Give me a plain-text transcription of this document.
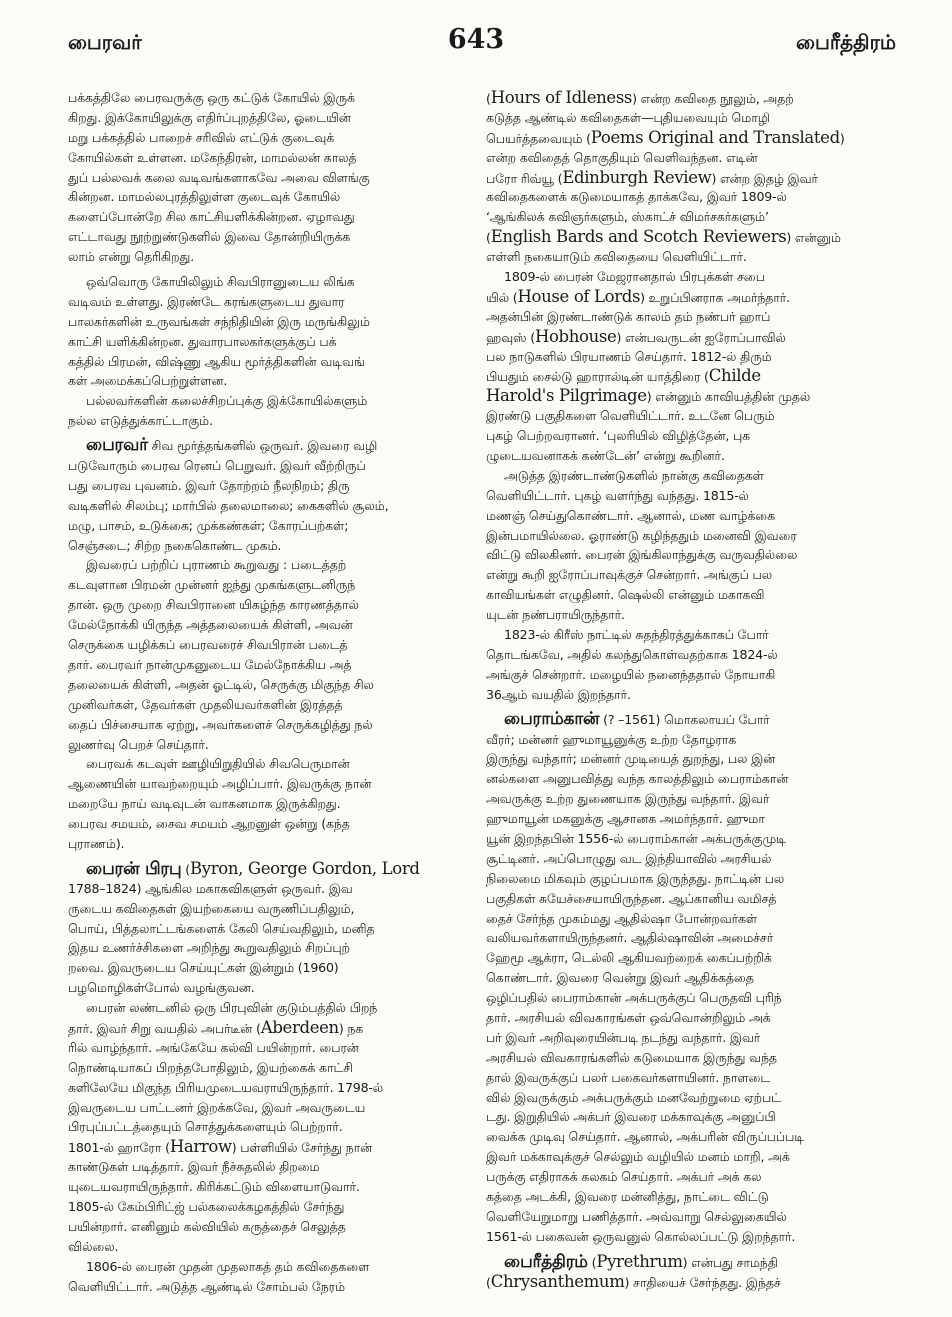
பைரவர்	643	பைரீத்திரம்
பக்கத்திலே பைரவருக்கு ஒரு கட்டுக் கோயில் இருக்
கிறது. இக்கோயிலுக்கு எதிர்ப்புறத்திலே, ஓடையின்
மறு பக்கத்தில் பாறைச் சரிவில் எட்டுக் குடைவுக்
கோயில்கள் உள்ளன. மகேந்திரன், மாமல்லன் காலத்
துப் பல்லவக் கலை வடிவங்களாகவே அவை விளங்கு
கின்றன. மாமல்லபுரத்திலுள்ள குடைவுக் கோயில்
களைப்போன்றே சில காட்சியளிக்கின்றன. ஏழாவது
எட்டாவது நூற்றுண்டுகளில் இவை தோன்றியிருக்க
லாம் என்று தெரிகிறது.
ஒவ்வொரு கோயிலிலும் சிவபிரானுடைய லிங்க
வடிவம் உள்ளது. இரண்டே கரங்களுடைய துவார
பாலகர்களின் உருவங்கள் சந்நிதியின் இரு மருங்கிலும்
காட்சி யளிக்கின்றன. துவாரபாலகர்களுக்குப் பக்
கத்தில் பிரமன், விஷ்ணு ஆகிய மூர்த்திகளின் வடிவங்
கள் அமைக்கப்பெற்றுள்ளன.
பல்லவர்களின் கலைச்சிறப்புக்கு இக்கோயில்களும்
நல்ல எடுத்துக்காட்டாகும்.
பைரவர் சிவ மூர்த்தங்களில் ஒருவர். இவரை வழி
படுவோரும் பைரவ ரெனப் பெறுவர். இவர் வீற்றிருப்
பது பைரவ புவனம். இவர் தோற்றம் நீலநிறம்; திரு
வடிகளில் சிலம்பு; மார்பில் தலைமாலை; கைகளில் சூலம்,
மழு, பாசம், உடுக்கை; முக்கண்கள்; கோரப்பற்கள்;
செஞ்சடை; சிற்ற நகைகொண்ட முகம்.
இவரைப் பற்றிப் புராணம் கூறுவது : படைத்தற்
கடவுளான பிரமன் முன்னர் ஐந்து முகங்களுடனிருந்
தான். ஒரு முறை சிவபிரானை யிகழ்ந்த காரணத்தால்
மேல்நோக்கி யிருந்த அத்தலையைக் கிள்ளி, அவன்
செருக்கை யழிக்கப் பைரவரைச் சிவபிரான் படைத்
தார். பைரவர் நான்முகனுடைய மேல்நோக்கிய அத்
தலையைக் கிள்ளி, அதன் ஓட்டில், செருக்கு மிகுந்த சில
முனிவர்கள், தேவர்கள் முதலியவர்களின் இரத்தத்
தைப் பிச்சையாக ஏற்று, அவர்களைச் செருக்கழித்து நல்
லுணர்வு பெறச் செய்தார்.
பைரவக் கடவுள் ஊழியிறுதியில் சிவபெருமான்
ஆணையின் யாவற்றையும் அழிப்பார். இவருக்கு நான்
மறையே நாய் வடிவுடன் வாகனமாக இருக்கிறது.
பைரவ சமயம், சைவ சமயம் ஆறனுள் ஒன்று (கந்த
புராணம்).
பைரன் பிரபு (Byron, George Gordon, Lord
1788–1824) ஆங்கில மகாகவிகளுள் ஒருவர். இவ
ருடைய கவிதைகள் இயற்கையை வருணிப்பதிலும்,
பொய், பித்தலாட்டங்களைக் கேலி செய்வதிலும், மனித
இதய உணர்ச்சிகளை அறிந்து கூறுவதிலும் சிறப்புற்
றவை. இவருடைய செய்யுட்கள் இன்றும் (1960)
பழமொழிகள்போல் வழங்குவன.
பைரன் லண்டனில் ஒரு பிரபுவின் குடும்பத்தில் பிறந்
தார். இவர் சிறு வயதில் அபர்டீன் (Aberdeen) நக
ரில் வாழ்ந்தார். அங்கேயே கல்வி பயின்றார். பைரன்
நொண்டியாகப் பிறந்தபோதிலும், இயற்கைக் காட்சி
களிலேயே மிகுந்த பிரியமுடையவராயிருந்தார். 1798-ல்
இவருடைய பாட்டனர் இறக்கவே, இவர் அவருடைய
பிரபுப்பட்டத்தையும் சொத்துக்களையும் பெற்றார்.
1801-ல் ஹாரோ (Harrow) பள்ளியில் சேர்ந்து நான்
காண்டுகள் படித்தார். இவர் நீச்சுதலில் திறமை
யுடையவராயிருந்தார். கிரிக்கட்டும் விளையாடுவார்.
1805-ல் கேம்பிரிட்ஜ் பல்கலைக்கழகத்தில் சேர்ந்து
பயின்றார். எனினும் கல்வியில் கருத்தைச் செலுத்த
வில்லை.
1806-ல் பைரன் முதன் முதலாகத் தம் கவிதைகளை
வெளியிட்டார். அடுத்த ஆண்டில் சோம்பல் நேரம்
(Hours of Idleness) என்ற கவிதை நூலும், அதற்
கடுத்த ஆண்டில் கவிதைகள்—புதியவையும் மொழி
பெயர்த்தவையும் (Poems Original and Translated)
என்ற கவிதைத் தொகுதியும் வெளிவந்தன. எடின்
பரோ ரிவ்யூ (Edinburgh Review) என்ற இதழ் இவர்
கவிதைகளைக் கடுமையாகத் தாக்கவே, இவர் 1809-ல்
‘ஆங்கிலக் கவிஞர்களும், ஸ்காட்ச் விமர்சகர்களும்’
(English Bards and Scotch Reviewers) என்னும்
எள்ளி நகையாடும் கவிதையை வெளியிட்டார்.
1809-ல் பைரன் மேஜரானதால் பிரபுக்கள் சபை
யில் (House of Lords) உறுப்பினராக அமர்ந்தார்.
அதன்பின் இரண்டாண்டுக் காலம் தம் நண்பர் ஹாப்
ஹவுஸ் (Hobhouse) என்பவருடன் ஐரோப்பாவில்
பல நாடுகளில் பிரயாணம் செய்தார். 1812-ல் திரும்
பியதும் சைல்டு ஹாரால்டின் யாத்திரை (Childe
Harold's Pilgrimage) என்னும் காவியத்தின் முதல்
இரண்டு பகுதிகளை வெளியிட்டார். உடனே பெரும்
புகழ் பெற்றவரானர். ‘புலரியில் விழித்தேன், புக
ழுடையவனாகக் கண்டேன்’ என்று கூறினர்.
அடுத்த இரண்டாண்டுகளில் நான்கு கவிதைகள்
வெளியிட்டார். புகழ் வளர்ந்து வந்தது. 1815-ல்
மணஞ் செய்துகொண்டார். ஆனால், மண வாழ்க்கை
இன்பமாயில்லை. ஓராண்டு கழிந்ததும் மனைவி இவரை
விட்டு விலகினர். பைரன் இங்கிலாந்துக்கு வருவதில்லை
என்று கூறி ஐரோப்பாவுக்குச் சென்றார். அங்குப் பல
காவியங்கள் எழுதினர். ஷெல்லி என்னும் மகாகவி
யுடன் நண்பராயிருந்தார்.
1823-ல் கிரீஸ் நாட்டில் சுதந்திரத்துக்காகப் போர்
தொடங்கவே, அதில் கலந்துகொள்வதற்காக 1824-ல்
அங்குச் சென்றார். மழையில் நனைந்ததால் நோயாகி
36ஆம் வயதில் இறந்தார்.
பைராம்கான் (? –1561) மொகலாயப் போர்
வீரர்; மன்னர் ஹுமாயூனுக்கு உற்ற தோழராக
இருந்து வந்தார்; மன்னர் முடியைத் துறந்து, பல இன்
னல்களை அனுபவித்து வந்த காலத்திலும் பைராம்கான்
அவருக்கு உற்ற துணையாக இருந்து வந்தார். இவர்
ஹுமாயூன் மகனுக்கு ஆசானக அமர்ந்தார். ஹுமா
யூன் இறந்தபின் 1556-ல் பைராம்கான் அக்பருக்குமுடி
சூட்டினர். அப்பொழுது வட இந்தியாவில் அரசியல்
நிலைமை மிகவும் குழப்பமாக இருந்தது. நாட்டின் பல
பகுதிகள் சுயேச்சையாயிருந்தன. ஆப்கானிய வமிசத்
தைச் சேர்ந்த முகம்மது ஆதில்ஷா போன்றவர்கள்
வலியவர்களாயிருந்தனர். ஆதில்ஷாவின் அமைச்சர்
ஹேமூ ஆக்ரா, டெல்லி ஆகியவற்றைக் கைப்பற்றிக்
கொண்டார். இவரை வென்று இவர் ஆதிக்கத்தை
ஒழிப்பதில் பைராம்கான் அக்பருக்குப் பெருதவி புரிந்
தார். அரசியல் விவகாரங்கள் ஒவ்வொன்றிலும் அக்
பர் இவர் அறிவுரையின்படி நடந்து வந்தார். இவர்
அரசியல் விவகாரங்களில் கடுமையாக இருந்து வந்த
தால் இவருக்குப் பலர் பகைவர்களாயினர். நாளடை
வில் இவருக்கும் அக்பருக்கும் மனவேற்றுமை ஏற்பட்
டது. இறுதியில் அக்பர் இவரை மக்காவுக்கு அனுப்பி
வைக்க முடிவு செய்தார். ஆனால், அக்பரின் விருப்பப்படி
இவர் மக்காவுக்குச் செல்லும் வழியில் மனம் மாறி, அக்
பருக்கு எதிராகக் கலகம் செய்தார். அக்பர் அக் கல
கத்தை அடக்கி, இவரை மன்னித்து, நாட்டை விட்டு
வெளியேறுமாறு பணித்தார். அவ்வாறு செல்லுகையில்
1561-ல் பகைவன் ஒருவனுல் கொல்லப்பட்டு இறந்தார்.
பைரீத்திரம் (Pyrethrum) என்பது சாமந்தி
(Chrysanthemum) சாதியைச் சேர்ந்தது. இந்தச்
